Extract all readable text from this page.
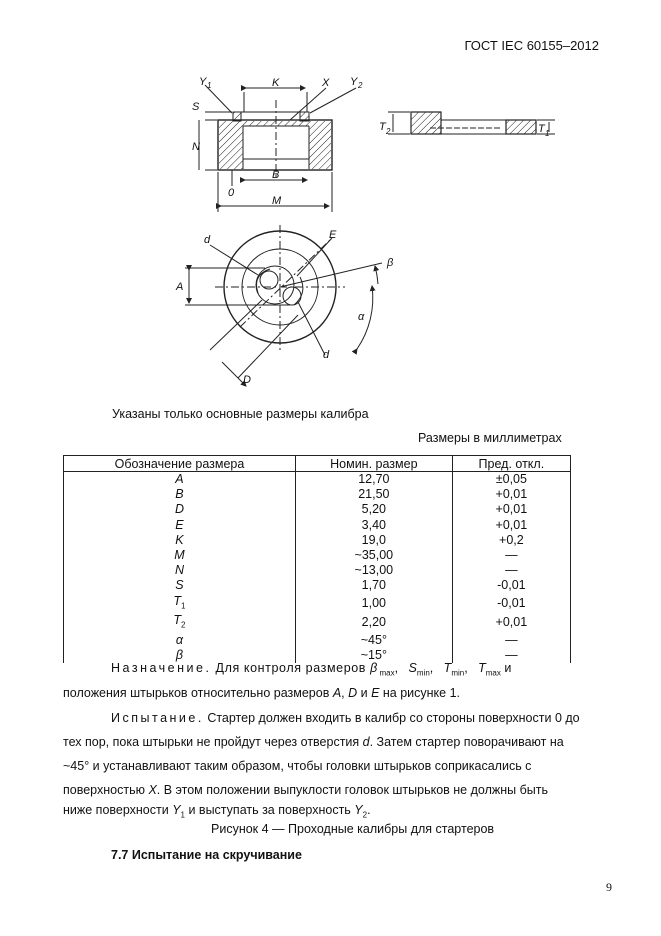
ГОСТ IEC 60155–2012
Y 1	K	X Y 2
S
N
B
0
M
T 2	T 1
d	E
β
A
α
d
D
Указаны только основные размеры калибра
Размеры в миллиметрах
Обозначение размера	Номин. размер	Пред. откл.
A	12,70	±0,05
B	21,50	+0,01
D	5,20	+0,01
E	3,40	+0,01
K	19,0	+0,2
M	~35,00	—
N	~13,00	—
S	1,70	-0,01
$T_1$	1,00	-0,01
$T_2$	2,20	+0,01
α	~45°	—
β	~15°	—
Назначение. Для контроля размеров β $_{max}$,   $S_{min}$,   $T_{min}$,   $T_{max}$ и
положения штырьков относительно размеров A, D и E на рисунке 1.
Испытание. Стартер должен входить в калибр со стороны поверхности 0 до
тех пор, пока штырьки не пройдут через отверстия d. Затем стартер поворачивают на
~45° и устанавливают таким образом, чтобы головки штырьков соприкасались с
поверхностью X. В этом положении выпуклости головок штырьков не должны быть
ниже поверхности $Y_1$ и выступать за поверхность $Y_2$.
Рисунок 4 — Проходные калибры для стартеров
7.7 Испытание на скручивание
9
